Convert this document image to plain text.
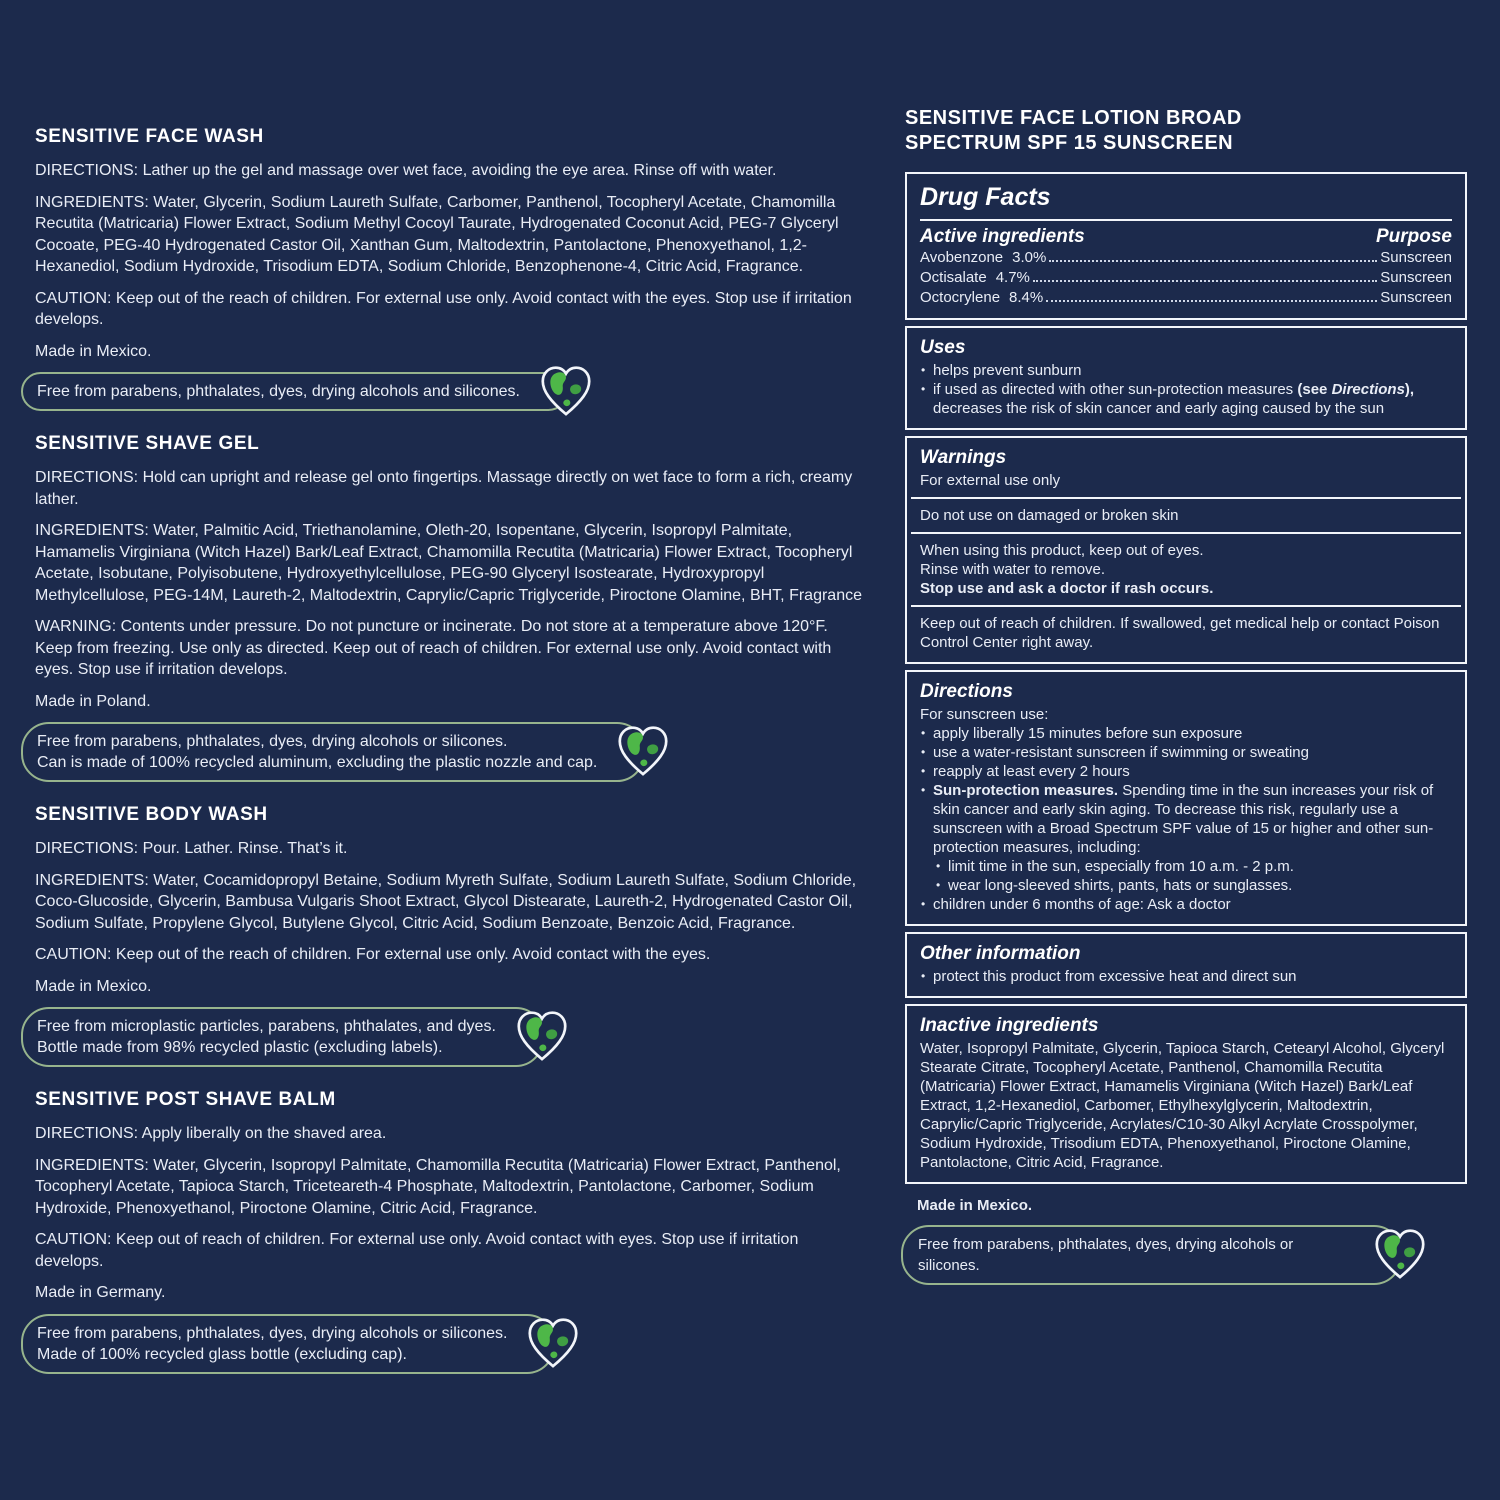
SENSITIVE FACE WASH
DIRECTIONS: Lather up the gel and massage over wet face, avoiding the eye area. Rinse off with water.
INGREDIENTS: Water, Glycerin, Sodium Laureth Sulfate, Carbomer, Panthenol, Tocopheryl Acetate, Chamomilla Recutita (Matricaria) Flower Extract, Sodium Methyl Cocoyl Taurate, Hydrogenated Coconut Acid, PEG-7 Glyceryl Cocoate, PEG-40 Hydrogenated Castor Oil, Xanthan Gum, Maltodextrin, Pantolactone, Phenoxyethanol, 1,2-Hexanediol, Sodium Hydroxide, Trisodium EDTA, Sodium Chloride, Benzophenone-4, Citric Acid, Fragrance.
CAUTION: Keep out of the reach of children. For external use only. Avoid contact with the eyes. Stop use if irritation develops.
Made in Mexico.
Free from parabens, phthalates, dyes, drying alcohols and silicones.
SENSITIVE SHAVE GEL
DIRECTIONS: Hold can upright and release gel onto fingertips. Massage directly on wet face to form a rich, creamy lather.
INGREDIENTS: Water, Palmitic Acid, Triethanolamine, Oleth-20, Isopentane, Glycerin, Isopropyl Palmitate, Hamamelis Virginiana (Witch Hazel) Bark/Leaf Extract, Chamomilla Recutita (Matricaria) Flower Extract, Tocopheryl Acetate, Isobutane, Polyisobutene, Hydroxyethylcellulose, PEG-90 Glyceryl Isostearate, Hydroxypropyl Methylcellulose, PEG-14M, Laureth-2, Maltodextrin, Caprylic/Capric Triglyceride, Piroctone Olamine, BHT, Fragrance
WARNING: Contents under pressure. Do not puncture or incinerate. Do not store at a temperature above 120°F. Keep from freezing. Use only as directed. Keep out of reach of children. For external use only. Avoid contact with eyes. Stop use if irritation develops.
Made in Poland.
Free from parabens, phthalates, dyes, drying alcohols or silicones.
Can is made of 100% recycled aluminum, excluding the plastic nozzle and cap.
SENSITIVE BODY WASH
DIRECTIONS: Pour. Lather. Rinse. That’s it.
INGREDIENTS: Water, Cocamidopropyl Betaine, Sodium Myreth Sulfate, Sodium Laureth Sulfate, Sodium Chloride, Coco-Glucoside, Glycerin, Bambusa Vulgaris Shoot Extract, Glycol Distearate, Laureth-2, Hydrogenated Castor Oil, Sodium Sulfate, Propylene Glycol, Butylene Glycol, Citric Acid, Sodium Benzoate, Benzoic Acid, Fragrance.
CAUTION: Keep out of the reach of children. For external use only. Avoid contact with the eyes.
Made in Mexico.
Free from microplastic particles, parabens, phthalates, and dyes.
Bottle made from 98% recycled plastic (excluding labels).
SENSITIVE POST SHAVE BALM
DIRECTIONS: Apply liberally on the shaved area.
INGREDIENTS: Water, Glycerin, Isopropyl Palmitate, Chamomilla Recutita (Matricaria) Flower Extract, Panthenol, Tocopheryl Acetate, Tapioca Starch, Triceteareth-4 Phosphate, Maltodextrin, Pantolactone, Carbomer, Sodium Hydroxide, Phenoxyethanol, Piroctone Olamine, Citric Acid, Fragrance.
CAUTION: Keep out of reach of children. For external use only. Avoid contact with eyes. Stop use if irritation develops.
Made in Germany.
Free from parabens, phthalates, dyes, drying alcohols or silicones.
Made of 100% recycled glass bottle (excluding cap).
SENSITIVE FACE LOTION BROAD
SPECTRUM SPF 15 SUNSCREEN
Drug Facts
Active ingredients	Purpose
Avobenzone 3.0%	Sunscreen
Octisalate 4.7%	Sunscreen
Octocrylene 8.4%	Sunscreen
Uses
• helps prevent sunburn
• if used as directed with other sun-protection measures (see Directions), decreases the risk of skin cancer and early aging caused by the sun
Warnings
For external use only
Do not use on damaged or broken skin
When using this product, keep out of eyes.
Rinse with water to remove.
Stop use and ask a doctor if rash occurs.
Keep out of reach of children. If swallowed, get medical help or contact Poison Control Center right away.
Directions
For sunscreen use:
• apply liberally 15 minutes before sun exposure
• use a water-resistant sunscreen if swimming or sweating
• reapply at least every 2 hours
• Sun-protection measures. Spending time in the sun increases your risk of skin cancer and early skin aging. To decrease this risk, regularly use a sunscreen with a Broad Spectrum SPF value of 15 or higher and other sun-protection measures, including:
• limit time in the sun, especially from 10 a.m. - 2 p.m.
• wear long-sleeved shirts, pants, hats or sunglasses.
• children under 6 months of age: Ask a doctor
Other information
• protect this product from excessive heat and direct sun
Inactive ingredients
Water, Isopropyl Palmitate, Glycerin, Tapioca Starch, Cetearyl Alcohol, Glyceryl Stearate Citrate, Tocopheryl Acetate, Panthenol, Chamomilla Recutita (Matricaria) Flower Extract, Hamamelis Virginiana (Witch Hazel) Bark/Leaf Extract, 1,2-Hexanediol, Carbomer, Ethylhexylglycerin, Maltodextrin, Caprylic/Capric Triglyceride, Acrylates/C10-30 Alkyl Acrylate Crosspolymer, Sodium Hydroxide, Trisodium EDTA, Phenoxyethanol, Piroctone Olamine, Pantolactone, Citric Acid, Fragrance.
Made in Mexico.
Free from parabens, phthalates, dyes, drying alcohols or silicones.
